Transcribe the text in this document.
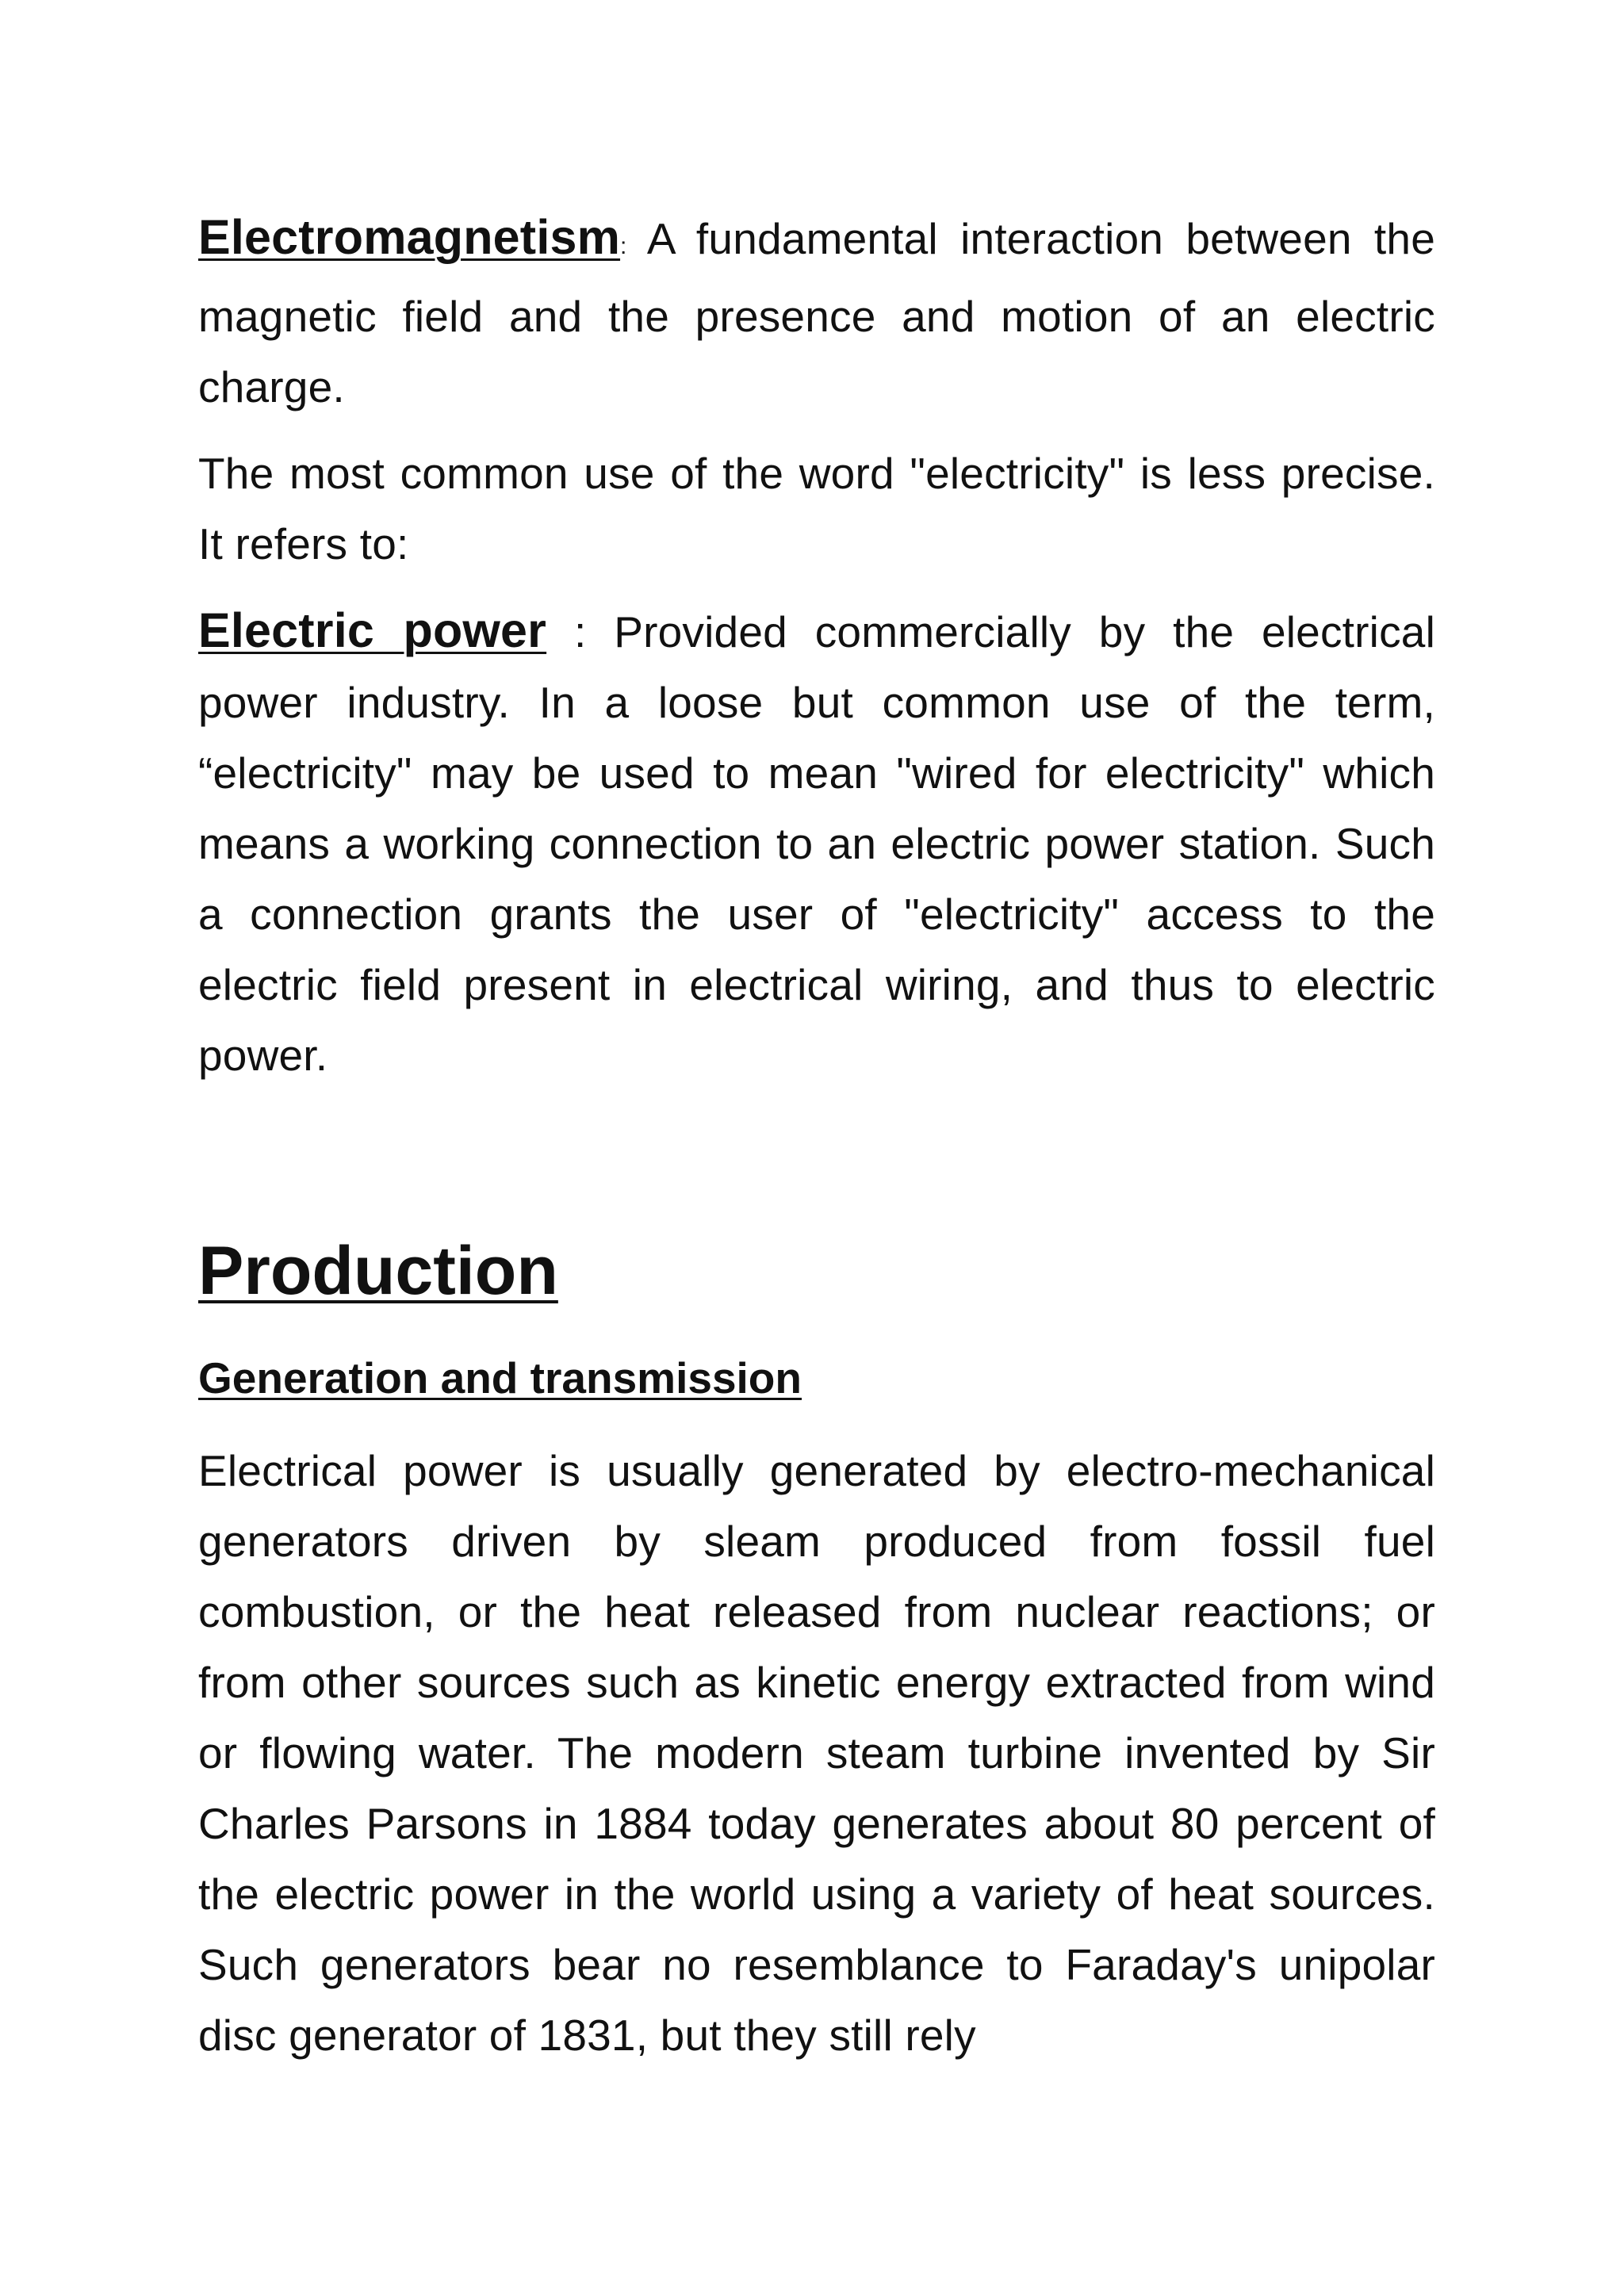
Electromagnetism: A fundamental interaction between the magnetic field and the presence and motion of an electric charge.

The most common use of the word "electricity" is less precise. It refers to:

Electric power : Provided commercially by the electrical power industry. In a loose but common use of the term, “electricity" may be used to mean "wired for electricity" which means a working connection to an electric power station. Such a connection grants the user of "electricity" access to the electric field present in electrical wiring, and thus to electric power.

Production
Generation and transmission

Electrical power is usually generated by electro-mechanical generators driven by sleam produced from fossil fuel combustion, or the heat released from nuclear reactions; or from other sources such as kinetic energy extracted from wind or flowing water. The modern steam turbine invented by Sir Charles Parsons in 1884 today generates about 80 percent of the electric power in the world using a variety of heat sources. Such generators bear no resemblance to Faraday's unipolar disc generator of 1831, but they still rely
